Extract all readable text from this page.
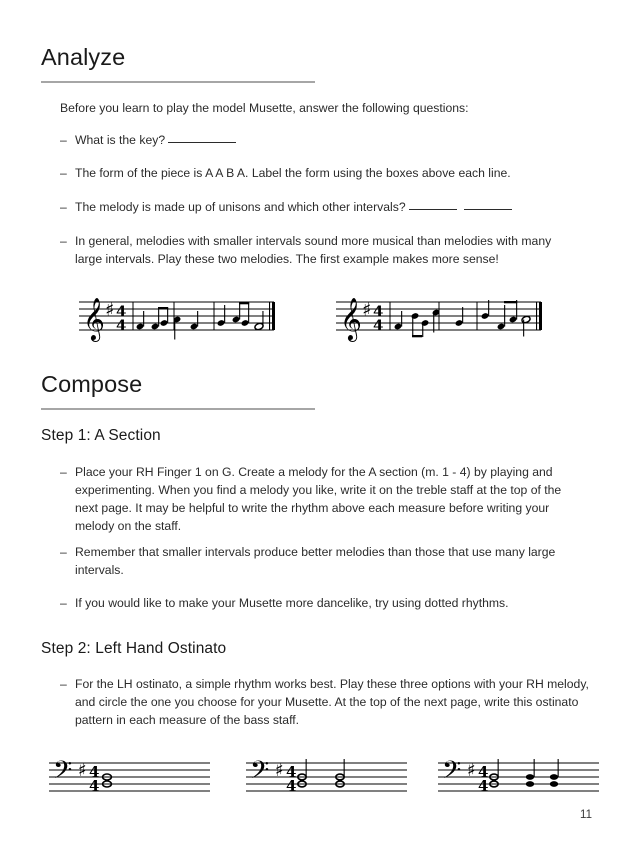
Analyze
Before you learn to play the model Musette, answer the following questions:
– What is the key?
– The form of the piece is A A B A. Label the form using the boxes above each line.
– The melody is made up of unisons and which other intervals?
– In general, melodies with smaller intervals sound more musical than melodies with many large intervals. Play these two melodies. The first example makes more sense!
𝄞 ♯ 4
4	𝄞 ♯ 4
4
Compose
Step 1: A Section
– Place your RH Finger 1 on G. Create a melody for the A section (m. 1 - 4) by playing and experimenting. When you find a melody you like, write it on the treble staff at the top of the next page. It may be helpful to write the rhythm above each measure before writing your melody on the staff.
– Remember that smaller intervals produce better melodies than those that use many large intervals.
– If you would like to make your Musette more dancelike, try using dotted rhythms.
Step 2: Left Hand Ostinato
– For the LH ostinato, a simple rhythm works best. Play these three options with your RH melody, and circle the one you choose for your Musette. At the top of the next page, write this ostinato pattern in each measure of the bass staff.
𝄢 ♯ 4
4	𝄢 ♯ 4
4	𝄢 ♯ 4
4
11
